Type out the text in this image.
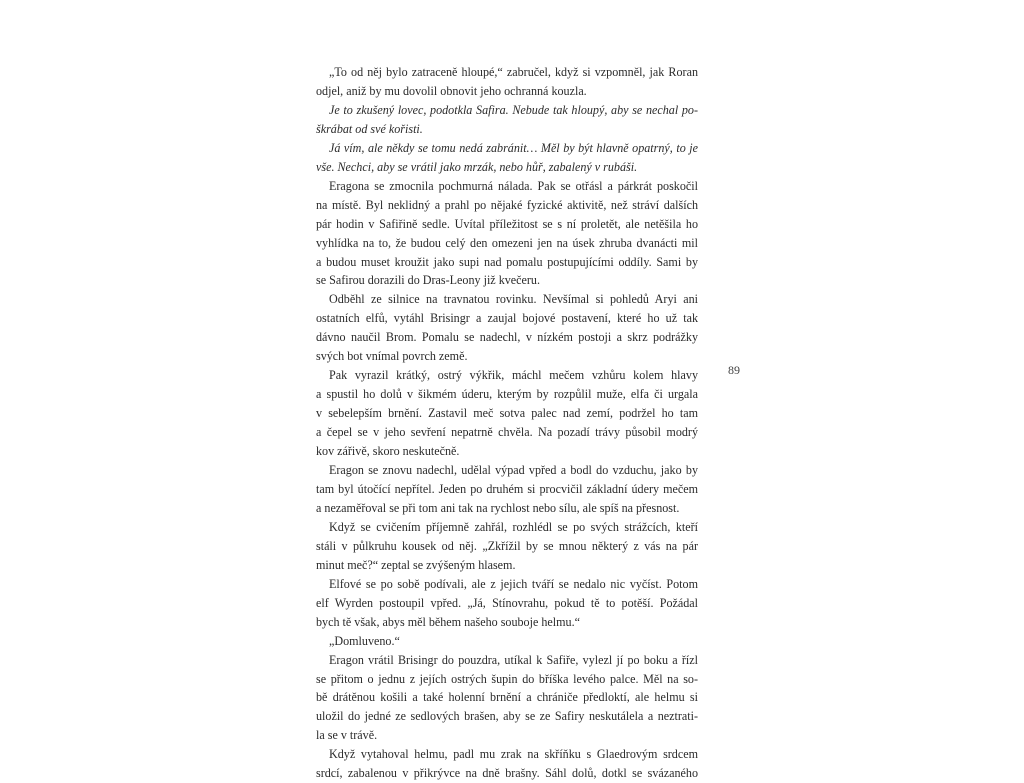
„To od něj bylo zatraceně hloupé,“ zabručel, když si vzpomněl, jak Roran
odjel, aniž by mu dovolil obnovit jeho ochranná kouzla.
Je to zkušený lovec, podotkla Safira. Nebude tak hloupý, aby se nechal po-
škrábat od své kořisti.
Já vím, ale někdy se tomu nedá zabránit… Měl by být hlavně opatrný, to je
vše. Nechci, aby se vrátil jako mrzák, nebo hůř, zabalený v rubáši.
Eragona se zmocnila pochmurná nálada. Pak se otřásl a párkrát poskočil
na místě. Byl neklidný a prahl po nějaké fyzické aktivitě, než stráví dalších
pár hodin v Safiřině sedle. Uvítal příležitost se s ní proletět, ale netěšila ho
vyhlídka na to, že budou celý den omezeni jen na úsek zhruba dvanácti mil
a budou muset kroužit jako supi nad pomalu postupujícími oddíly. Sami by
se Safirou dorazili do Dras-Leony již kvečeru.
Odběhl ze silnice na travnatou rovinku. Nevšímal si pohledů Aryi ani
ostatních elfů, vytáhl Brisingr a zaujal bojové postavení, které ho už tak
dávno naučil Brom. Pomalu se nadechl, v nízkém postoji a skrz podrážky
svých bot vnímal povrch země.
Pak vyrazil krátký, ostrý výkřik, máchl mečem vzhůru kolem hlavy
a spustil ho dolů v šikmém úderu, kterým by rozpůlil muže, elfa či urgala
v sebelepším brnění. Zastavil meč sotva palec nad zemí, podržel ho tam
a čepel se v jeho sevření nepatrně chvěla. Na pozadí trávy působil modrý
kov zářivě, skoro neskutečně.
Eragon se znovu nadechl, udělal výpad vpřed a bodl do vzduchu, jako by
tam byl útočící nepřítel. Jeden po druhém si procvičil základní údery mečem
a nezaměřoval se při tom ani tak na rychlost nebo sílu, ale spíš na přesnost.
Když se cvičením příjemně zahřál, rozhlédl se po svých strážcích, kteří
stáli v půlkruhu kousek od něj. „Zkřížil by se mnou některý z vás na pár
minut meč?“ zeptal se zvýšeným hlasem.
Elfové se po sobě podívali, ale z jejich tváří se nedalo nic vyčíst. Potom
elf Wyrden postoupil vpřed. „Já, Stínovrahu, pokud tě to potěší. Požádal
bych tě však, abys měl během našeho souboje helmu.“
„Domluveno.“
Eragon vrátil Brisingr do pouzdra, utíkal k Safiře, vylezl jí po boku a řízl
se přitom o jednu z jejích ostrých šupin do bříška levého palce. Měl na so-
bě drátěnou košili a také holenní brnění a chrániče předloktí, ale helmu si
uložil do jedné ze sedlových brašen, aby se ze Safiry neskutálela a neztrati-
la se v trávě.
Když vytahoval helmu, padl mu zrak na skříňku s Glaedrovým srdcem
srdcí, zabalenou v přikrývce na dně brašny. Sáhl dolů, dotkl se svázaného
89
